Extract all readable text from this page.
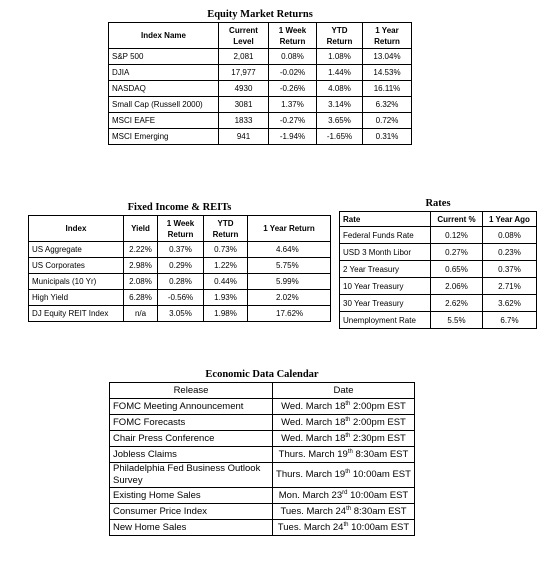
Equity Market Returns
Index Name	Current Level	1 Week Return	YTD Return	1 Year Return
S&P 500	2,081	0.08%	1.08%	13.04%
DJIA	17,977	-0.02%	1.44%	14.53%
NASDAQ	4930	-0.26%	4.08%	16.11%
Small Cap (Russell 2000)	3081	1.37%	3.14%	6.32%
MSCI EAFE	1833	-0.27%	3.65%	0.72%
MSCI Emerging	941	-1.94%	-1.65%	0.31%
Fixed Income & REITs
Index	Yield	1 Week Return	YTD Return	1 Year Return
US Aggregate	2.22%	0.37%	0.73%	4.64%
US Corporates	2.98%	0.29%	1.22%	5.75%
Municipals (10 Yr)	2.08%	0.28%	0.44%	5.99%
High Yield	6.28%	-0.56%	1.93%	2.02%
DJ Equity REIT Index	n/a	3.05%	1.98%	17.62%
Rates
Rate	Current %	1 Year Ago
Federal Funds Rate	0.12%	0.08%
USD 3 Month Libor	0.27%	0.23%
2 Year Treasury	0.65%	0.37%
10 Year Treasury	2.06%	2.71%
30 Year Treasury	2.62%	3.62%
Unemployment Rate	5.5%	6.7%
Economic Data Calendar
Release	Date
FOMC Meeting Announcement	Wed. March 18th 2:00pm EST
FOMC Forecasts	Wed. March 18th 2:00pm EST
Chair Press Conference	Wed. March 18th 2:30pm EST
Jobless Claims	Thurs. March 19th 8:30am EST
Philadelphia Fed Business Outlook Survey	Thurs. March 19th 10:00am EST
Existing Home Sales	Mon. March 23rd 10:00am EST
Consumer Price Index	Tues. March 24th 8:30am EST
New Home Sales	Tues. March 24th 10:00am EST
